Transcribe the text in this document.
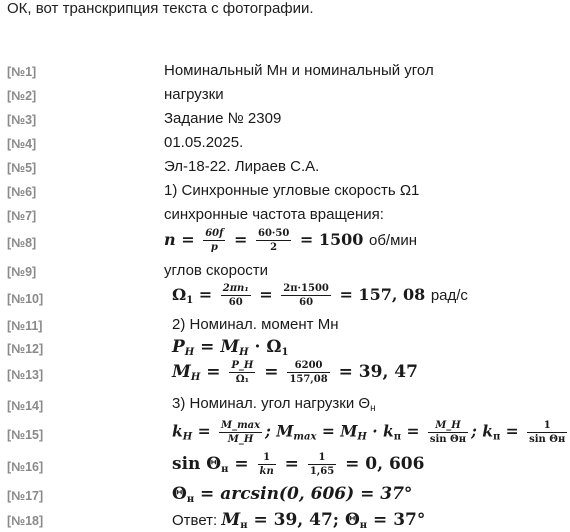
ОК, вот транскрипция текста с фотографии.
[№1]	Номинальный Мн и номинальный угол
[№2]	нагрузки
[№3]	Задание № 2309
[№4]	01.05.2025.
[№5]	Эл-18-22. Лираев С.А.
[№6]	1) Синхронные угловые скорость Ω1
[№7]	синхронные частота вращения:
[№8]	$n = \frac{60f}{p} = \frac{60\cdot 50}{2} = 1500$ об/мин
[№9]	углов скорости
[№10]	$\Omega_1 = \frac{\text{2πn₁}}{60} = \frac{2\pi\cdot 1500}{60} = 157$, 08 рад/с
[№11]	2) Номинал. момент Мн
[№12]	$P_H = M_H \cdot \Omega_1$
[№13]	$M_H = \frac{P\_H}{\text{Ω₁}} = \frac{6200}{157,08} = 39$, 47
[№14]	3) Номинал. угол нагрузки $\Theta_н$
[№15]	$k_H = \frac{M\_\max}{M\_H}$ ; $M_{max} = M_H \cdot k_п = \frac{M\_H}{\text{sin Θн}}$ ; $k_п = \frac{1}{\text{sin Θн}}$
[№16]	$\sin \Theta_н = \frac{1}{kп} = \frac{1}{1,65} = 0$, 606
[№17]	$\Theta_н = \arcsin(0$, 606) = 37°
[№18]	Ответ: $M_н = 39$, 47; $\Theta_н = 37^\circ$
